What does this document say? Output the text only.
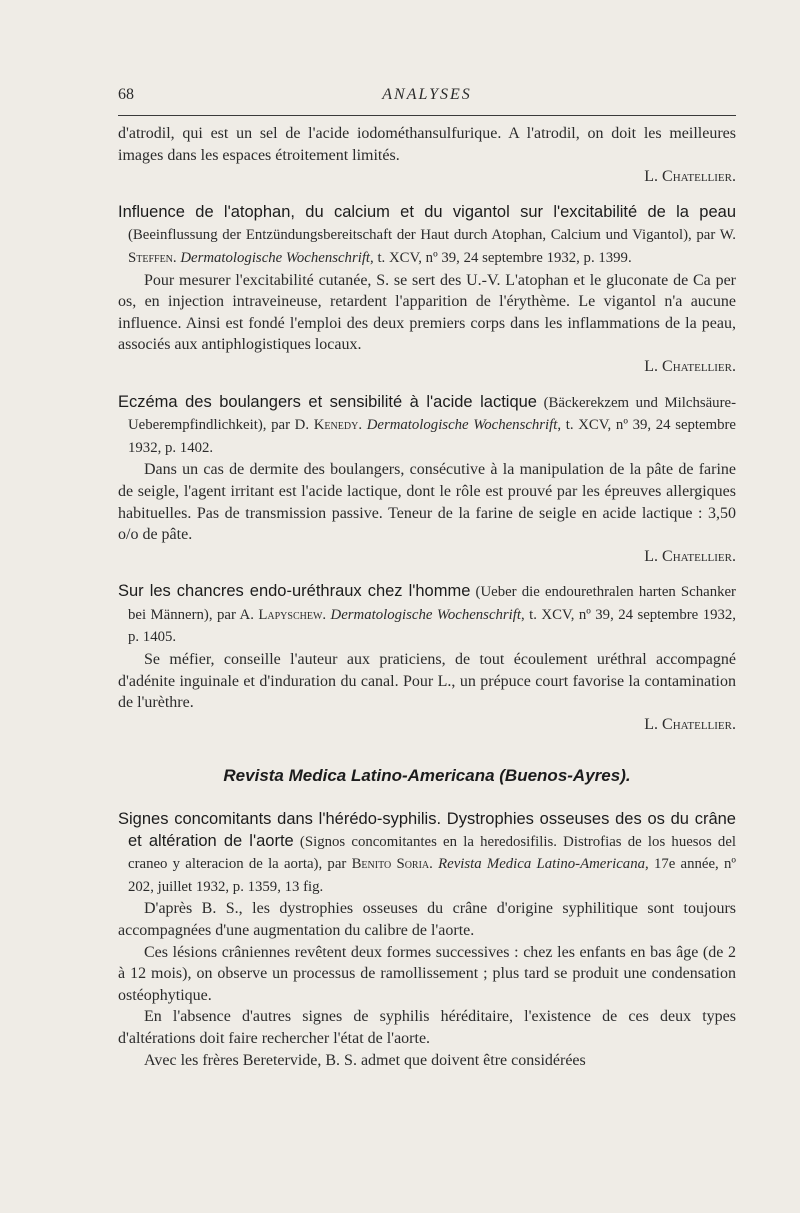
68	ANALYSES

d'atrodil, qui est un sel de l'acide iodométhansulfurique. A l'atrodil, on doit les meilleures images dans les espaces étroitement limités.

L. Chatellier.

Influence de l'atophan, du calcium et du vigantol sur l'excitabilité de la peau (Beeinflussung der Entzündungsbereitschaft der Haut durch Atophan, Calcium und Vigantol), par W. Steffen. Dermatologische Wochenschrift, t. XCV, nº 39, 24 septembre 1932, p. 1399.

Pour mesurer l'excitabilité cutanée, S. se sert des U.-V. L'atophan et le gluconate de Ca per os, en injection intraveineuse, retardent l'apparition de l'érythème. Le vigantol n'a aucune influence. Ainsi est fondé l'emploi des deux premiers corps dans les inflammations de la peau, associés aux antiphlogistiques locaux.

L. Chatellier.

Eczéma des boulangers et sensibilité à l'acide lactique (Bäckerekzem und Milchsäure-Ueberempfindlichkeit), par D. Kenedy. Dermatologische Wochenschrift, t. XCV, nº 39, 24 septembre 1932, p. 1402.

Dans un cas de dermite des boulangers, consécutive à la manipulation de la pâte de farine de seigle, l'agent irritant est l'acide lactique, dont le rôle est prouvé par les épreuves allergiques habituelles. Pas de transmission passive. Teneur de la farine de seigle en acide lactique : 3,50 o/o de pâte.

L. Chatellier.

Sur les chancres endo-uréthraux chez l'homme (Ueber die endourethralen harten Schanker bei Männern), par A. Lapyschew. Dermatologische Wochenschrift, t. XCV, nº 39, 24 septembre 1932, p. 1405.

Se méfier, conseille l'auteur aux praticiens, de tout écoulement uréthral accompagné d'adénite inguinale et d'induration du canal. Pour L., un prépuce court favorise la contamination de l'urèthre.

L. Chatellier.

Revista Medica Latino-Americana (Buenos-Ayres).

Signes concomitants dans l'hérédo-syphilis. Dystrophies osseuses des os du crâne et altération de l'aorte (Signos concomitantes en la heredosifilis. Distrofias de los huesos del craneo y alteracion de la aorta), par Benito Soria. Revista Medica Latino-Americana, 17e année, nº 202, juillet 1932, p. 1359, 13 fig.

D'après B. S., les dystrophies osseuses du crâne d'origine syphilitique sont toujours accompagnées d'une augmentation du calibre de l'aorte.

Ces lésions crâniennes revêtent deux formes successives : chez les enfants en bas âge (de 2 à 12 mois), on observe un processus de ramollissement ; plus tard se produit une condensation ostéophytique.

En l'absence d'autres signes de syphilis héréditaire, l'existence de ces deux types d'altérations doit faire rechercher l'état de l'aorte.

Avec les frères Beretervide, B. S. admet que doivent être considérées
